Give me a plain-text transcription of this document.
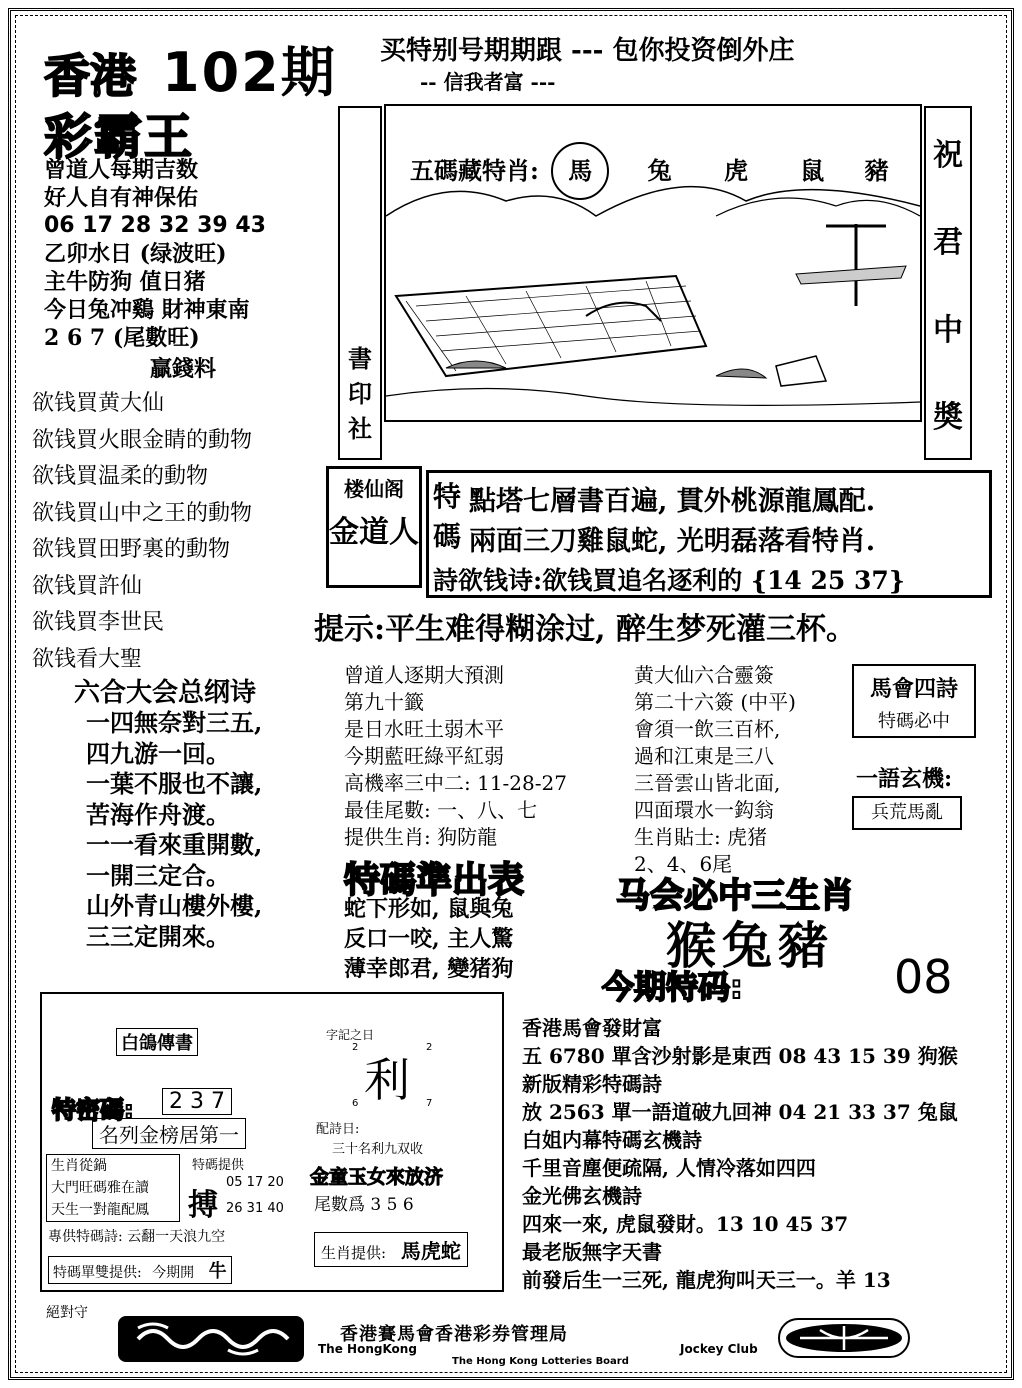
香港 102期 买特别号期期跟 --- 包你投资倒外庄
-- 信我者富 ---
彩霸王
曾道人每期吉数
好人自有神保佑
06 17 28 32 39 43
乙卯水日 (绿波旺)
主牛防狗 值日猪
今日兔冲鷄 財神東南
2 6 7 (尾數旺)
贏錢料
欲钱買黄大仙
欲钱買火眼金睛的動物
欲钱買温柔的動物
欲钱買山中之王的動物
欲钱買田野裏的動物
欲钱買許仙
欲钱買李世民
欲钱看大聖
書
印
社
五碼藏特肖: 馬 兔 虎 鼠 豬	祝
君
中
奬
楼仙阁
金道人
特
碼
點塔七層書百遍, 貫外桃源龍鳳配.
兩面三刀雞鼠蛇, 光明磊落看特肖.
詩欲钱诗:欲钱買追名逐利的 {14 25 37}
提示:平生难得糊涂过, 醉生梦死灌三杯。
六合大会总纲诗
一四無奈對三五,
四九游一回。
一葉不服也不讓,
苦海作舟渡。
一一看來重開數,
一開三定合。
山外青山樓外樓,
三三定開來。
曾道人逐期大預測
第九十籤
是日水旺土弱木平
今期藍旺綠平紅弱
高機率三中二: 11-28-27
最佳尾數: 一、八、七
提供生肖: 狗防龍
特碼準出表
蛇下形如, 鼠與兔
反口一咬, 主人驚
薄幸郎君, 變猪狗
黄大仙六合靈簽
第二十六簽 (中平)
會須一飲三百杯,
過和江東是三八
三晉雲山皆北面,
四面環水一鈎翁
生肖貼士: 虎猪
2、4、6尾
馬會四詩
特碼必中
一語玄機:
兵荒馬亂
马会必中三生肖
猴兔豬
今期特码:	08
白鴿傳書
特密碼:	2 3 7
名列金榜居第一
生肖從鍋
大門旺碼雅在讀
天生一對龍配鳳
特碼提供
搏
05 17 20
26 31 40
專供特碼詩: 云翻一天浪九空
特碼單雙提供: 今期開 牛
字記之日
2	2
利
6	7
配詩日:
三十名利九双收
金童玉女來放济
尾數爲 3 5 6
生肖提供: 馬虎蛇
絕對守
香港馬會發財富
五 6780 單含沙射影是東西 08 43 15 39 狗猴
新版精彩特碼詩
放 2563 單一語道破九回神 04 21 33 37 兔鼠
白姐内幕特碼玄機詩
千里音塵便疏隔, 人情冷落如四四
金光佛玄機詩
四來一來, 虎鼠發財。13 10 45 37
最老版無字天書
前發后生一三死, 龍虎狗叫天三一。羊 13
香港賽馬會香港彩券管理局
The HongKong	Jockey Club
The Hong Kong Lotteries Board
